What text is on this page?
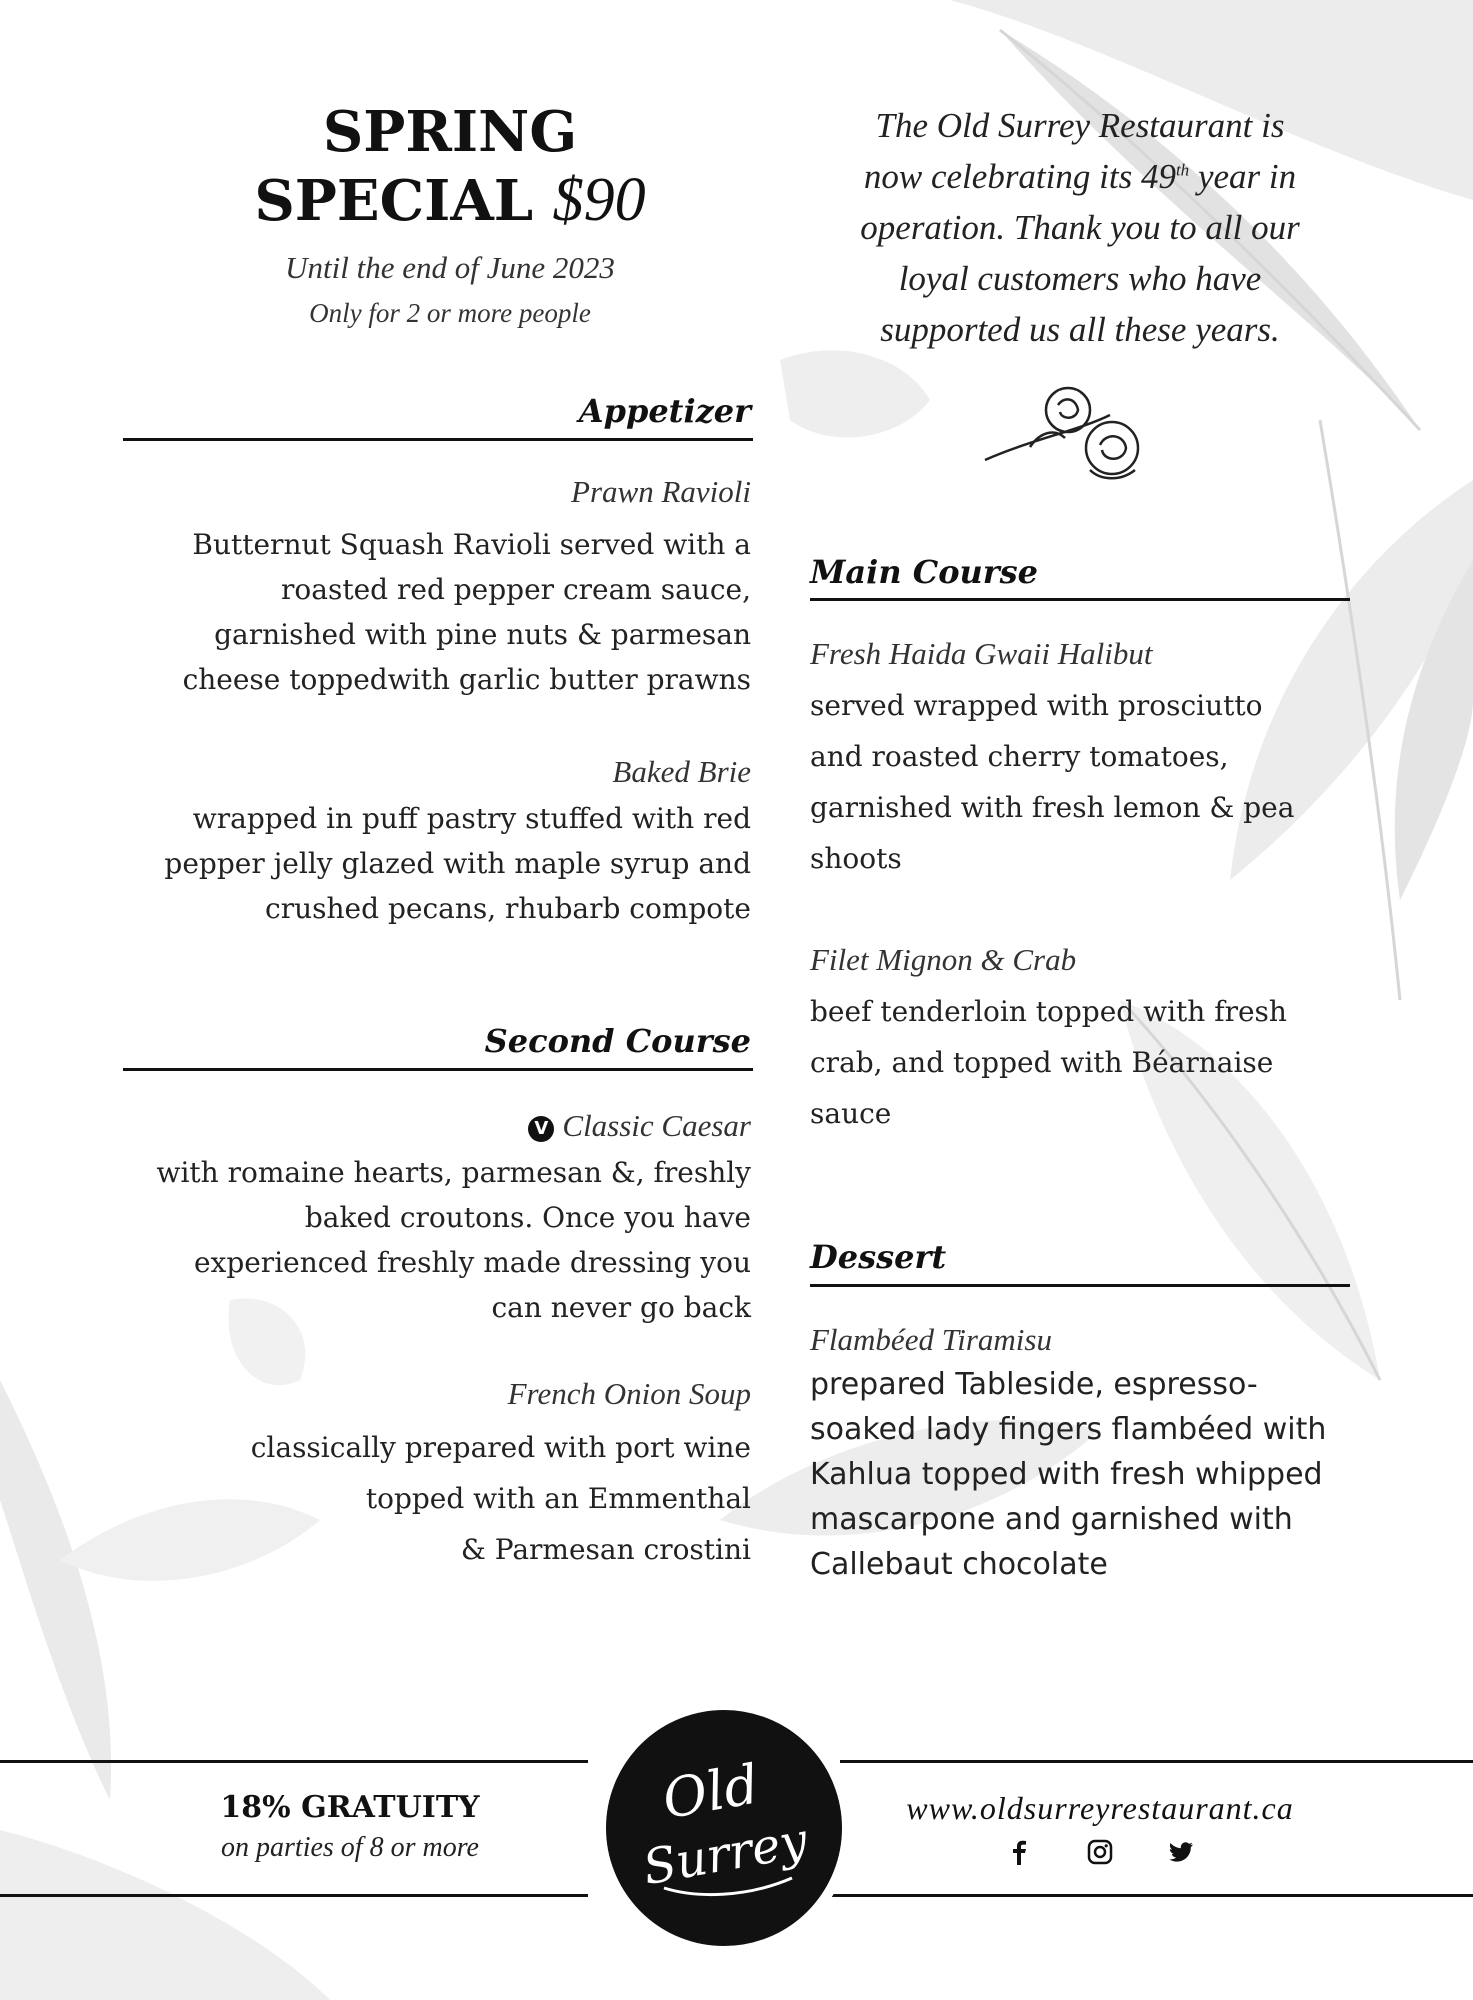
SPRING
SPECIAL $90
Until the end of June 2023
Only for 2 or more people
The Old Surrey Restaurant is
now celebrating its 49th year in
operation. Thank you to all our
loyal customers who have
supported us all these years.
Appetizer
Prawn Ravioli
Butternut Squash Ravioli served with a
roasted red pepper cream sauce,
garnished with pine nuts & parmesan
cheese toppedwith garlic butter prawns
Baked Brie
wrapped in puff pastry stuffed with red
pepper jelly glazed with maple syrup and
crushed pecans, rhubarb compote
Second Course
V Classic Caesar
with romaine hearts, parmesan &, freshly
baked croutons. Once you have
experienced freshly made dressing you
can never go back
French Onion Soup
classically prepared with port wine
topped with an Emmenthal
& Parmesan crostini
Main Course
Fresh Haida Gwaii Halibut
served wrapped with prosciutto
and roasted cherry tomatoes,
garnished with fresh lemon & pea
shoots
Filet Mignon & Crab
beef tenderloin topped with fresh
crab, and topped with Béarnaise
sauce
Dessert
Flambéed Tiramisu
prepared Tableside, espresso-
soaked lady fingers flambéed with
Kahlua topped with fresh whipped
mascarpone and garnished with
Callebaut chocolate
18% GRATUITY
on parties of 8 or more
Old
Surrey
www.oldsurreyrestaurant.ca
